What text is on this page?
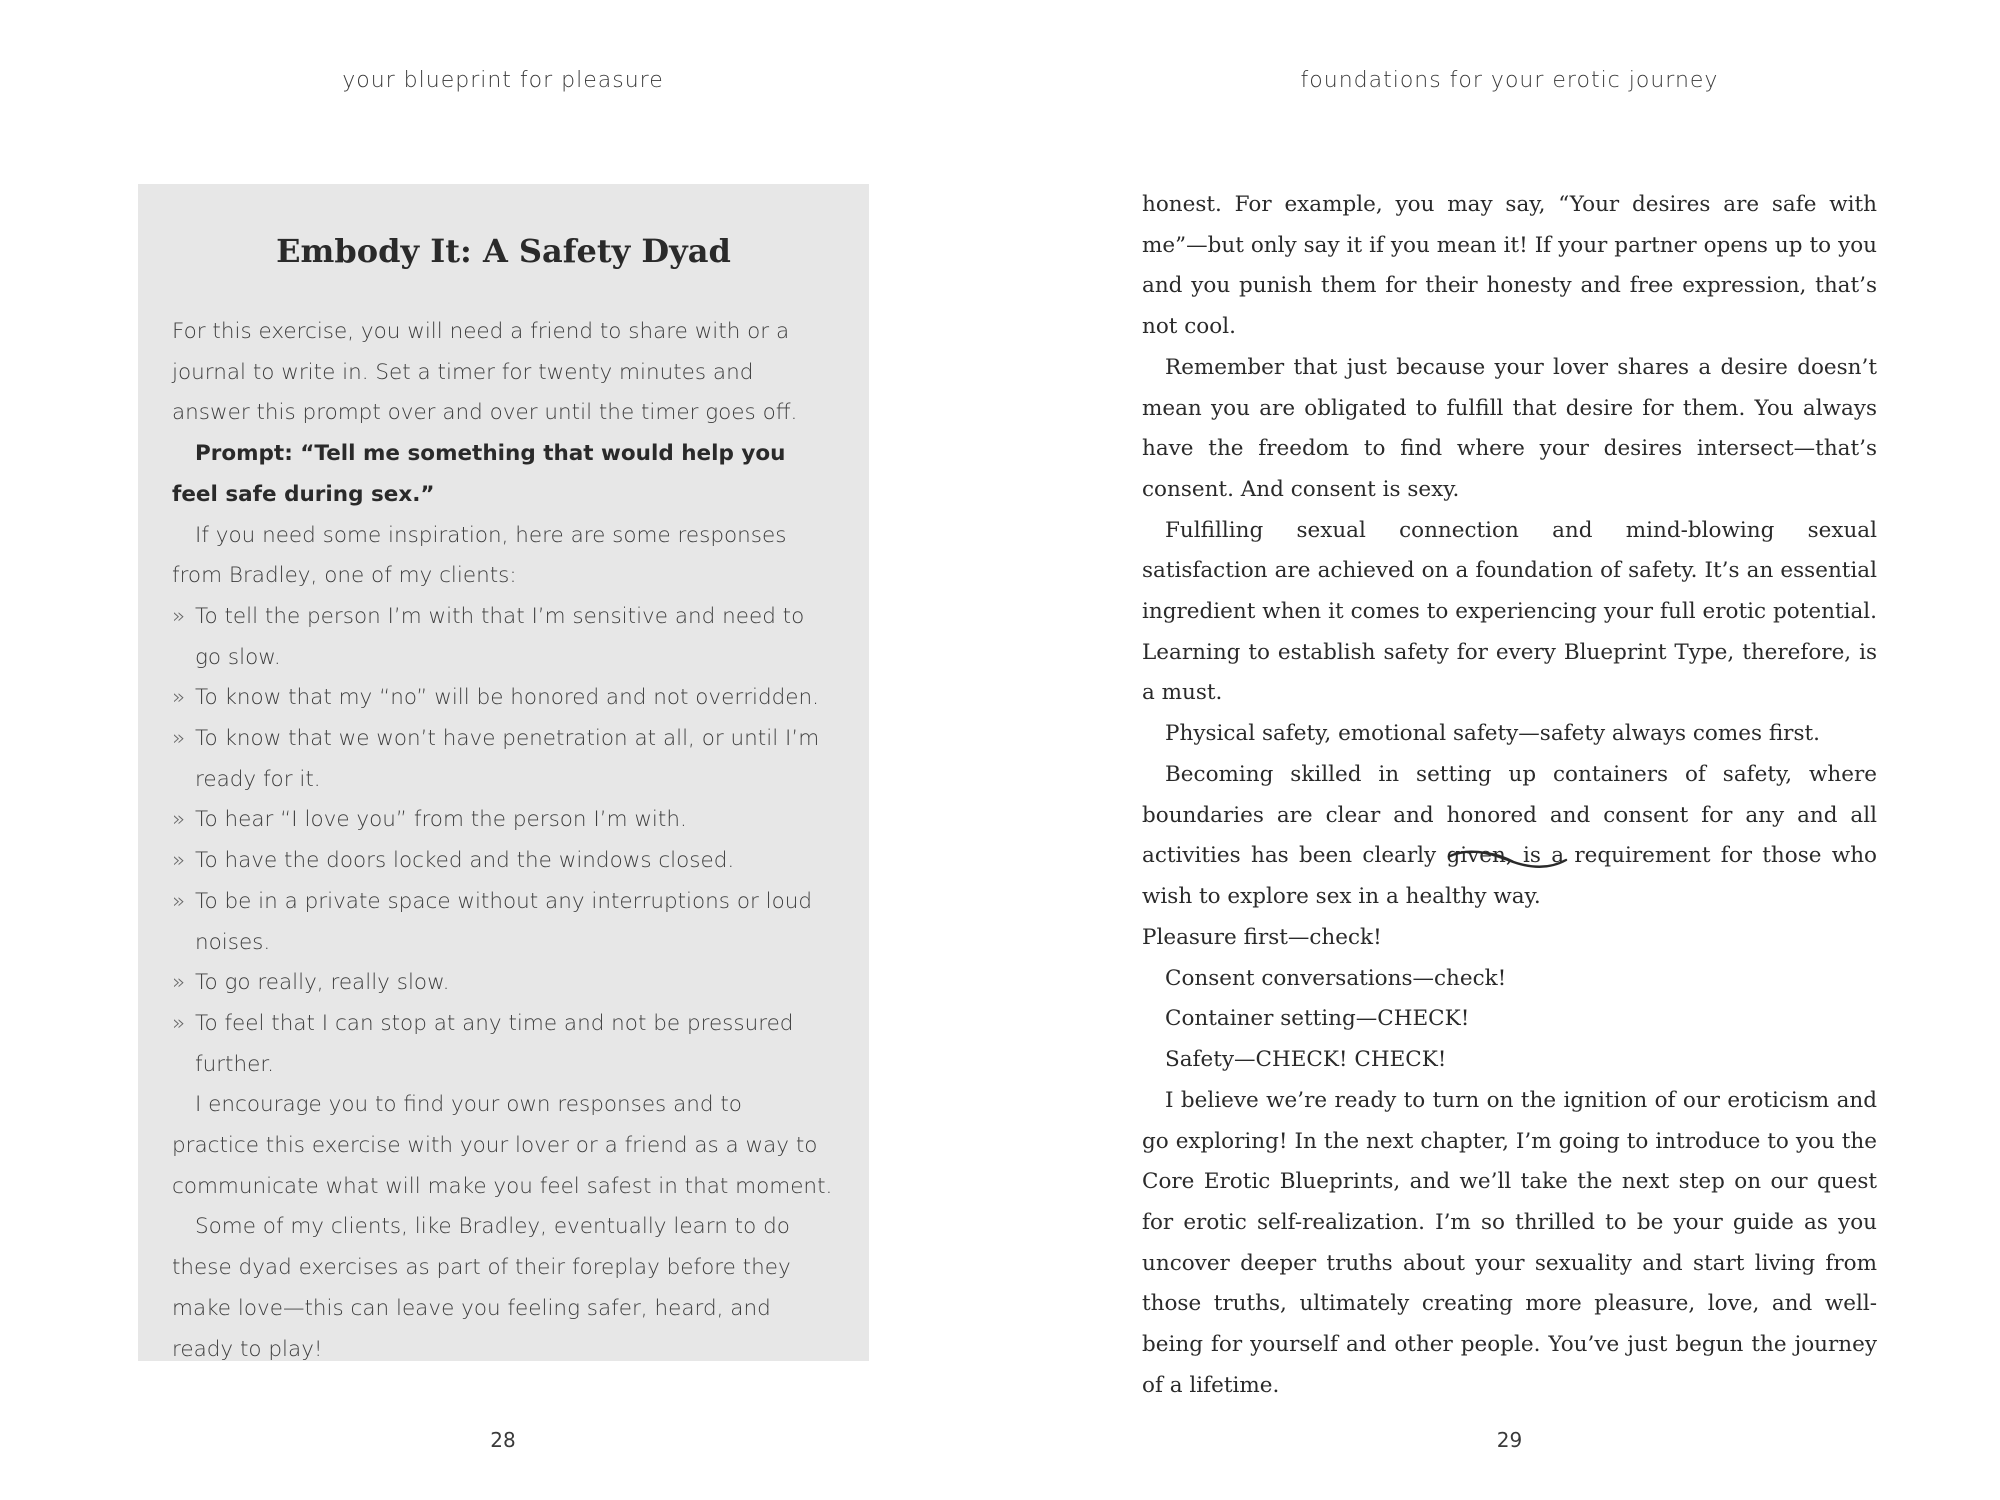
your blueprint for pleasure
Embody It: A Safety Dyad

For this exercise, you will need a friend to share with or a journal to write in. Set a timer for twenty minutes and answer this prompt over and over until the timer goes off.

Prompt: “Tell me something that would help you feel safe during sex.”

If you need some inspiration, here are some responses from Bradley, one of my clients:

» To tell the person I’m with that I’m sensitive and need to go slow.
» To know that my “no” will be honored and not overridden.
» To know that we won’t have penetration at all, or until I’m ready for it.
» To hear “I love you” from the person I’m with.
» To have the doors locked and the windows closed.
» To be in a private space without any interruptions or loud noises.
» To go really, really slow.
» To feel that I can stop at any time and not be pressured further.

I encourage you to find your own responses and to practice this exercise with your lover or a friend as a way to communicate what will make you feel safest in that moment.

Some of my clients, like Bradley, eventually learn to do these dyad exercises as part of their foreplay before they make love—this can leave you feeling safer, heard, and ready to play!

28
foundations for your erotic journey
29

honest. For example, you may say, “Your desires are safe with me”—but only say it if you mean it! If your partner opens up to you and you punish them for their honesty and free expression, that’s not cool.

Remember that just because your lover shares a desire doesn’t mean you are obligated to fulfill that desire for them. You always have the freedom to find where your desires intersect—that’s consent. And consent is sexy.

Fulfilling sexual connection and mind-blowing sexual satisfaction are achieved on a foundation of safety. It’s an essential ingredient when it comes to experiencing your full erotic potential. Learning to establish safety for every Blueprint Type, therefore, is a must.

Physical safety, emotional safety—safety always comes first.

Becoming skilled in setting up containers of safety, where boundaries are clear and honored and consent for any and all activities has been clearly given, is a requirement for those who wish to explore sex in a healthy way.

Pleasure first—check!

Consent conversations—check!

Container setting—CHECK!

Safety—CHECK! CHECK!

I believe we’re ready to turn on the ignition of our eroticism and go exploring! In the next chapter, I’m going to introduce to you the Core Erotic Blueprints, and we’ll take the next step on our quest for erotic self-realization. I’m so thrilled to be your guide as you uncover deeper truths about your sexuality and start living from those truths, ultimately creating more pleasure, love, and well-being for yourself and other people. You’ve just begun the journey of a lifetime.
